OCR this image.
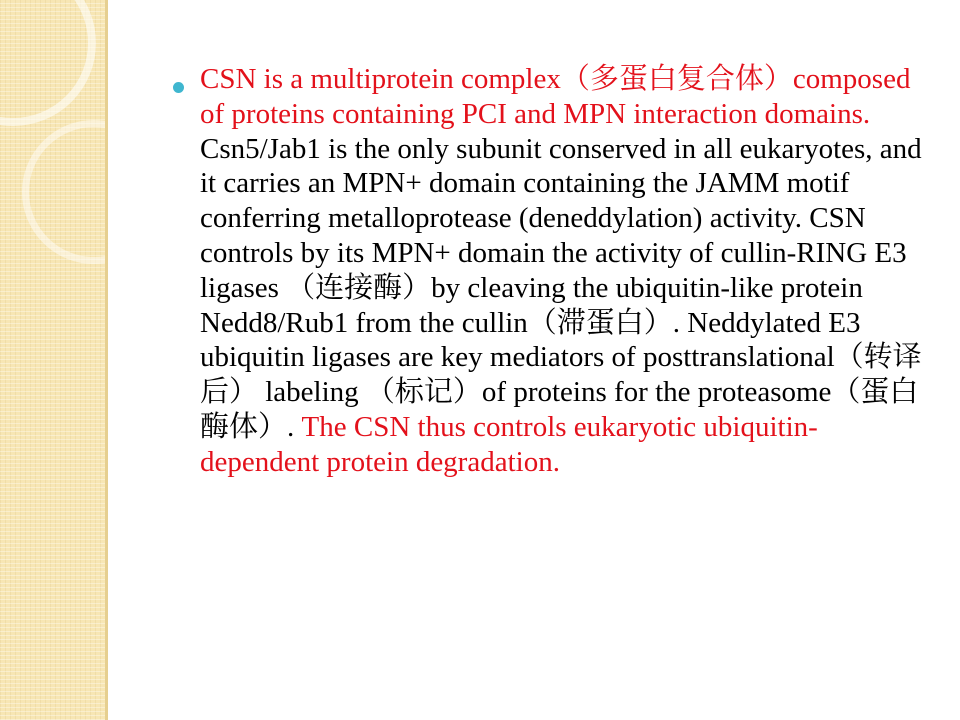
CSN is a multiprotein complex（多蛋白复合体）composed of proteins containing PCI and MPN interaction domains. Csn5/Jab1 is the only subunit conserved in all eukaryotes, and it carries an MPN+ domain containing the JAMM motif conferring metalloprotease (deneddylation) activity. CSN controls by its MPN+ domain the activity of cullin-RING E3 ligases （连接酶）by cleaving the ubiquitin-like protein Nedd8/Rub1 from the cullin（滞蛋白）. Neddylated E3 ubiquitin ligases are key mediators of posttranslational（转译后） labeling （标记）of proteins for the proteasome（蛋白酶体）. The CSN thus controls eukaryotic ubiquitin-dependent protein degradation.
